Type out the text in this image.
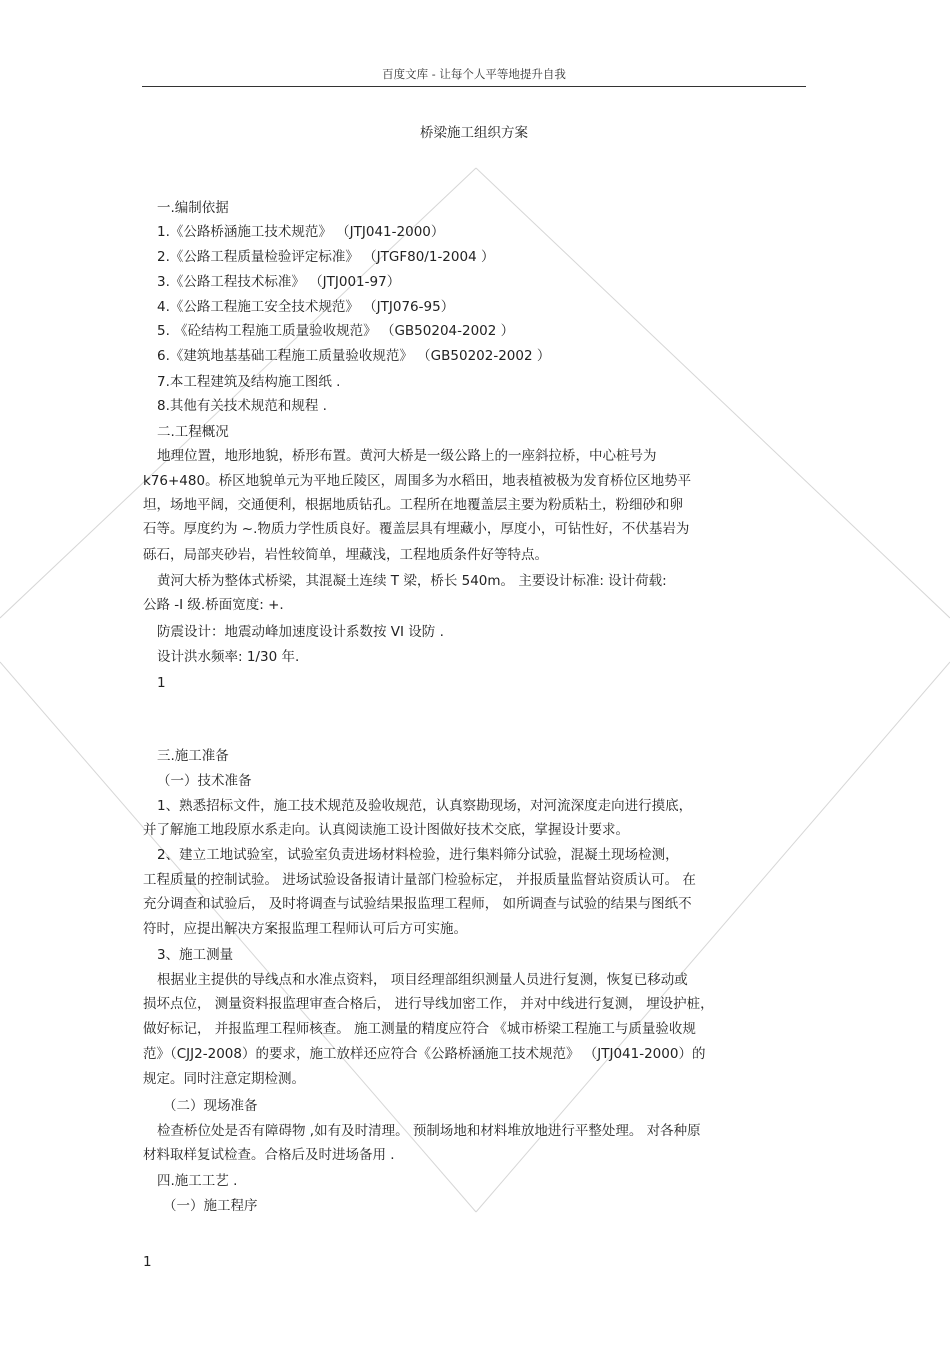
百度文库 - 让每个人平等地提升自我
桥梁施工组织方案
一.编制依据
1.《公路桥涵施工技术规范》 （JTJ041-2000）
2.《公路工程质量检验评定标准》 （JTGF80/1-2004 ）
3.《公路工程技术标准》 （JTJ001-97）
4.《公路工程施工安全技术规范》 （JTJ076-95）
5. 《砼结构工程施工质量验收规范》 （GB50204-2002 ）
6.《建筑地基基础工程施工质量验收规范》 （GB50202-2002 ）
7.本工程建筑及结构施工图纸 .
8.其他有关技术规范和规程 .
二.工程概况
地理位置，地形地貌，桥形布置。黄河大桥是一级公路上的一座斜拉桥，中心桩号为
k76+480。桥区地貌单元为平地丘陵区，周围多为水稻田，地表植被极为发育桥位区地势平
坦，场地平阔，交通便利，根据地质钻孔。工程所在地覆盖层主要为粉质粘土，粉细砂和卵
石等。厚度约为 ~.物质力学性质良好。覆盖层具有埋藏小，厚度小，可钻性好，不伏基岩为
砾石，局部夹砂岩，岩性较简单，埋藏浅，工程地质条件好等特点。
黄河大桥为整体式桥梁，其混凝土连续 T 梁，桥长 540m。 主要设计标准: 设计荷载:
公路 -I 级.桥面宽度: +.
防震设计：地震动峰加速度设计系数按 VI 设防 .
设计洪水频率: 1/30 年.
1
三.施工准备
（一）技术准备
1、熟悉招标文件，施工技术规范及验收规范，认真察勘现场，对河流深度走向进行摸底，
并了解施工地段原水系走向。认真阅读施工设计图做好技术交底，掌握设计要求。
2、建立工地试验室，试验室负责进场材料检验，进行集料筛分试验，混凝土现场检测，
工程质量的控制试验。 进场试验设备报请计量部门检验标定， 并报质量监督站资质认可。 在
充分调查和试验后， 及时将调查与试验结果报监理工程师， 如所调查与试验的结果与图纸不
符时，应提出解决方案报监理工程师认可后方可实施。
3、施工测量
根据业主提供的导线点和水准点资料， 项目经理部组织测量人员进行复测，恢复已移动或
损坏点位， 测量资料报监理审查合格后， 进行导线加密工作， 并对中线进行复测， 埋设护桩，
做好标记， 并报监理工程师核查。 施工测量的精度应符合 《城市桥梁工程施工与质量验收规
范》（CJJ2-2008）的要求，施工放样还应符合《公路桥涵施工技术规范》 （JTJ041-2000）的
规定。同时注意定期检测。
（二）现场准备
检查桥位处是否有障碍物 ,如有及时清理。 预制场地和材料堆放地进行平整处理。 对各种原
材料取样复试检查。合格后及时进场备用 .
四.施工工艺 .
（一）施工程序
1
